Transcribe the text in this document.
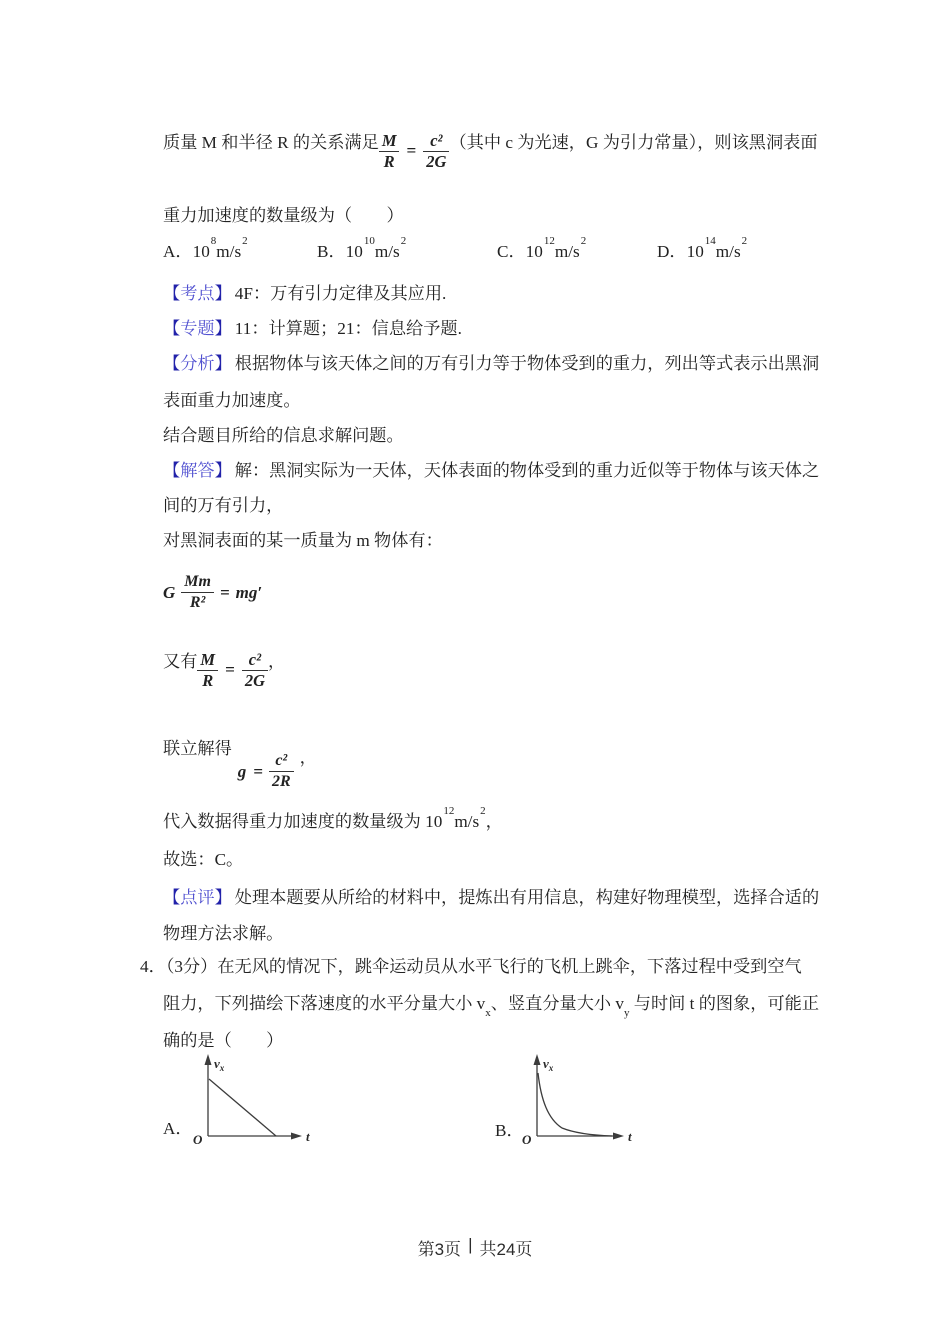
质量 M 和半径 R 的关系满足 $\frac{M}{R} = \frac{\text{c²}}{2G}$ （其中 c 为光速，G 为引力常量），则该黑洞表面
重力加速度的数量级为（　　）
A．$10^8m/s^2$
B．$10^{10}m/s^2$
C．$10^{12}m/s^2$
D．$10^{14}m/s^2$
【考点】 4F：万有引力定律及其应用.
【专题】 11：计算题；21：信息给予题.
【分析】 根据物体与该天体之间的万有引力等于物体受到的重力，列出等式表示出黑洞
表面重力加速度。
结合题目所给的信息求解问题。
【解答】 解：黑洞实际为一天体，天体表面的物体受到的重力近似等于物体与该天体之
间的万有引力，
对黑洞表面的某一质量为 m 物体有：
G $\frac{Mm}{\text{R²}} = mg'$
又有 $\frac{M}{R} = \frac{\text{c²}}{2G}$ ，
联立解得
$g = \frac{\text{c²}}{2R}$ ，
代入数据得重力加速度的数量级为 $10^{12}m/s^2$，
故选：C。
【点评】 处理本题要从所给的材料中，提炼出有用信息，构建好物理模型，选择合适的
物理方法求解。
4．（3分）在无风的情况下，跳伞运动员从水平飞行的飞机上跳伞，下落过程中受到空气
阻力，下列描绘下落速度的水平分量大小 $v_x$、竖直分量大小 $v_y$ 与时间 t 的图象，可能正
确的是（　　）
A．
$v_x$
t
O	B．
$v_x$
t
O
第3页 | 共24页
